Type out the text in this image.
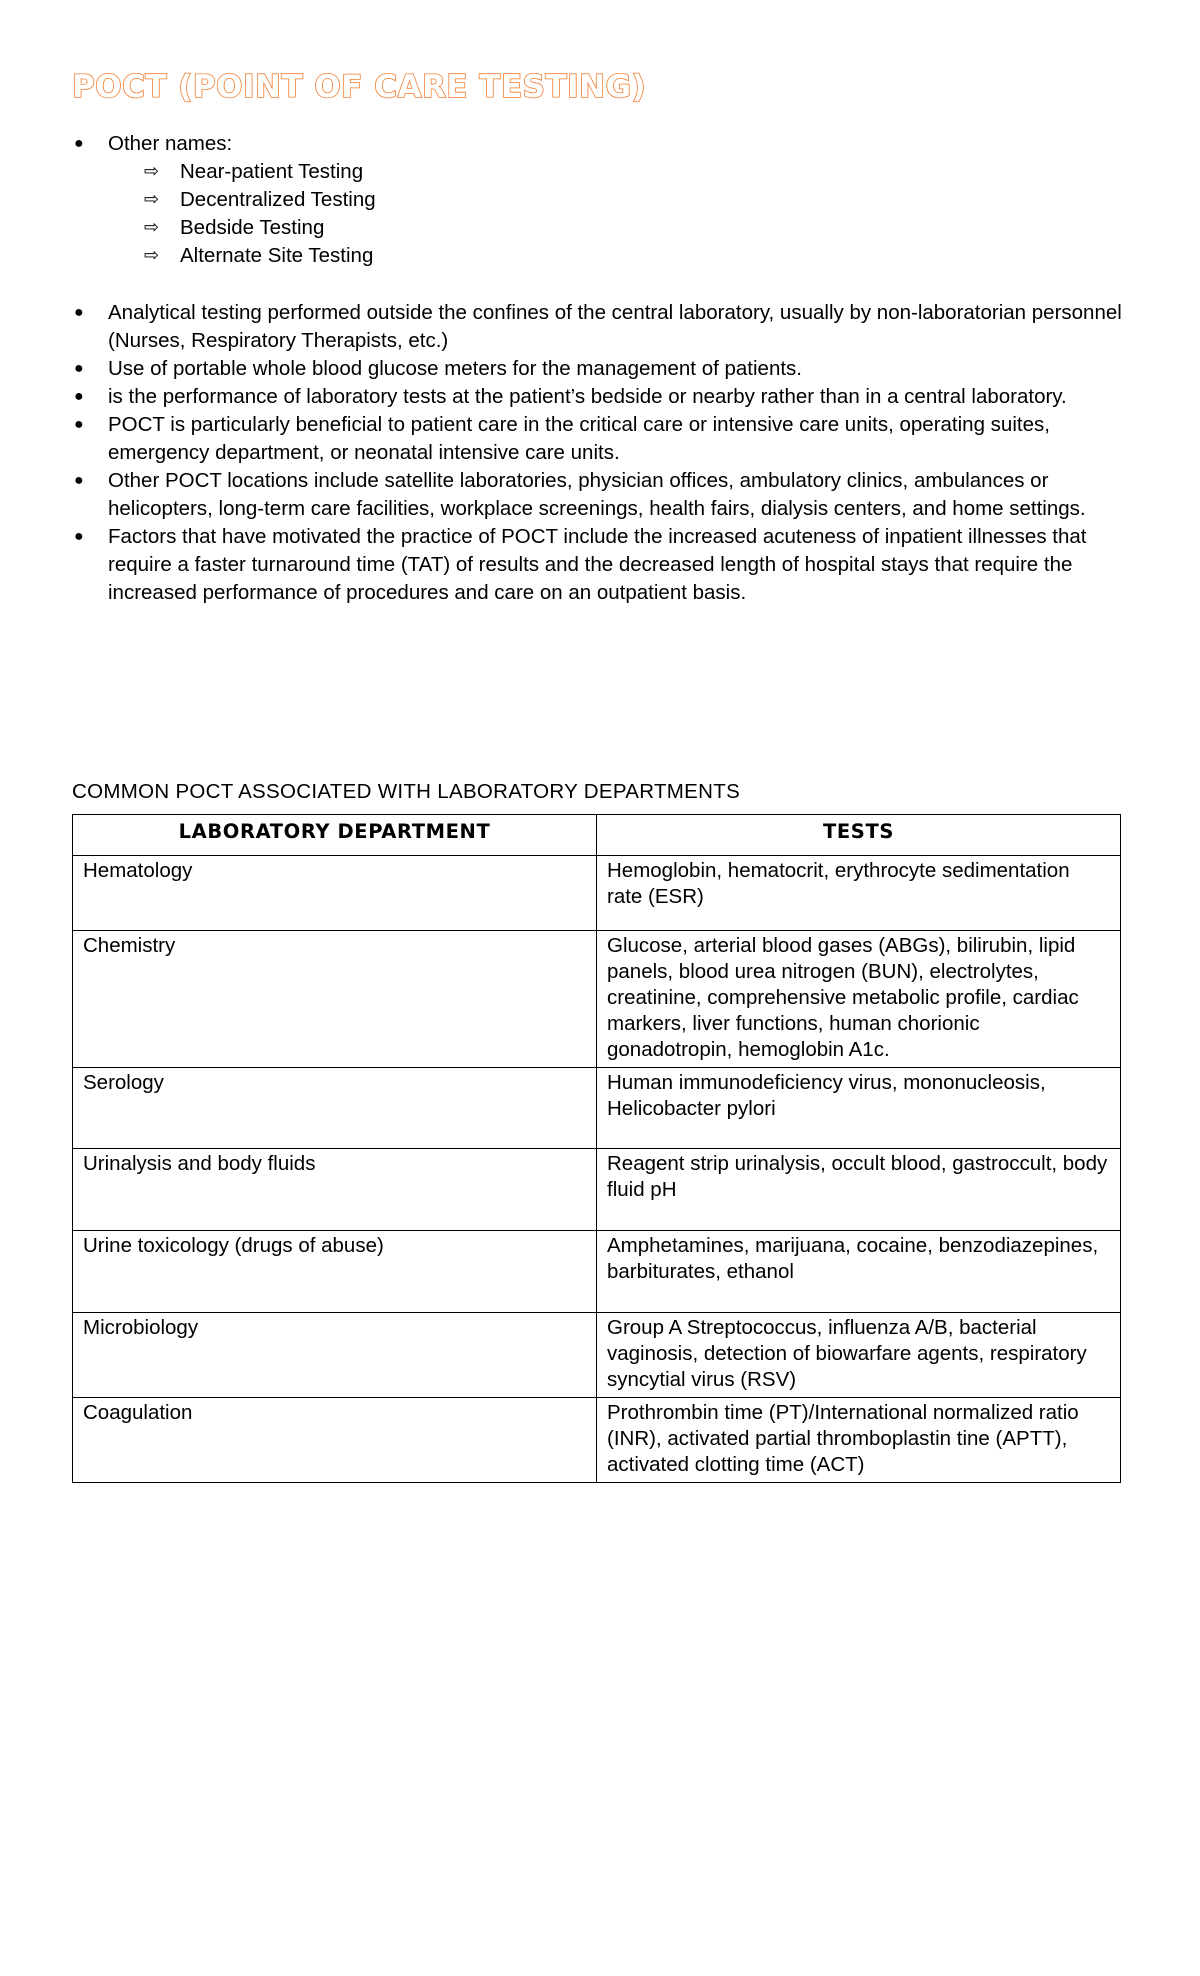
POCT (POINT OF CARE TESTING)
●	Other names:
⇨ Near-patient Testing
⇨ Decentralized Testing
⇨ Bedside Testing
⇨ Alternate Site Testing
●	Analytical testing performed outside the confines of the central laboratory, usually by non-laboratorian personnel (Nurses, Respiratory Therapists, etc.)
●	Use of portable whole blood glucose meters for the management of patients.
●	is the performance of laboratory tests at the patient’s bedside or nearby rather than in a central laboratory.
●	POCT is particularly beneficial to patient care in the critical care or intensive care units, operating suites, emergency department, or neonatal intensive care units.
●	Other POCT locations include satellite laboratories, physician offices, ambulatory clinics, ambulances or helicopters, long-term care facilities, workplace screenings, health fairs, dialysis centers, and home settings.
●	Factors that have motivated the practice of POCT include the increased acuteness of inpatient illnesses that require a faster turnaround time (TAT) of results and the decreased length of hospital stays that require the increased performance of procedures and care on an outpatient basis.

COMMON POCT ASSOCIATED WITH LABORATORY DEPARTMENTS

LABORATORY DEPARTMENT	TESTS
Hematology	Hemoglobin, hematocrit, erythrocyte sedimentation rate (ESR)
Chemistry	Glucose, arterial blood gases (ABGs), bilirubin, lipid panels, blood urea nitrogen (BUN), electrolytes, creatinine, comprehensive metabolic profile, cardiac markers, liver functions, human chorionic gonadotropin, hemoglobin A1c.
Serology	Human immunodeficiency virus, mononucleosis, Helicobacter pylori
Urinalysis and body fluids	Reagent strip urinalysis, occult blood, gastroccult, body fluid pH
Urine toxicology (drugs of abuse)	Amphetamines, marijuana, cocaine, benzodiazepines, barbiturates, ethanol
Microbiology	Group A Streptococcus, influenza A/B, bacterial vaginosis, detection of biowarfare agents, respiratory syncytial virus (RSV)
Coagulation	Prothrombin time (PT)/International normalized ratio (INR), activated partial thromboplastin tine (APTT), activated clotting time (ACT)
